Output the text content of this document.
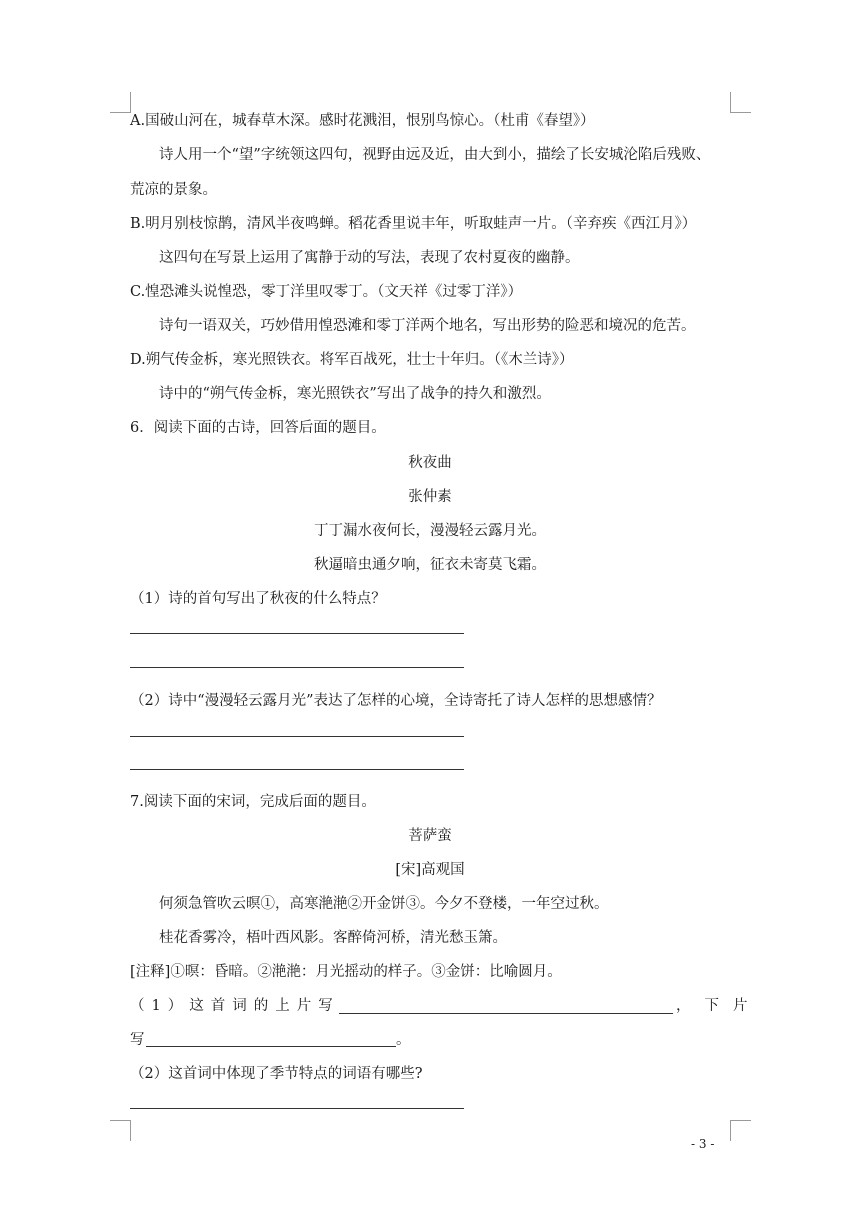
A.国破山河在，城春草木深。感时花溅泪，恨别鸟惊心。（杜甫《春望》）
诗人用一个“望”字统领这四句，视野由远及近，由大到小，描绘了长安城沦陷后残败、
荒凉的景象。
B.明月别枝惊鹊，清风半夜鸣蝉。稻花香里说丰年，听取蛙声一片。（辛弃疾《西江月》）
这四句在写景上运用了寓静于动的写法，表现了农村夏夜的幽静。
C.惶恐滩头说惶恐，零丁洋里叹零丁。（文天祥《过零丁洋》）
诗句一语双关，巧妙借用惶恐滩和零丁洋两个地名，写出形势的险恶和境况的危苦。
D.朔气传金柝，寒光照铁衣。将军百战死，壮士十年归。（《木兰诗》）
诗中的“朔气传金柝，寒光照铁衣”写出了战争的持久和激烈。
6．阅读下面的古诗，回答后面的题目。
秋夜曲
张仲素
丁丁漏水夜何长，漫漫轻云露月光。
秋逼暗虫通夕响，征衣未寄莫飞霜。
（1）诗的首句写出了秋夜的什么特点？
（2）诗中“漫漫轻云露月光”表达了怎样的心境，全诗寄托了诗人怎样的思想感情？
7.阅读下面的宋词，完成后面的题目。
菩萨蛮
[宋]高观国
何须急管吹云暝①，高寒滟滟②开金饼③。今夕不登楼，一年空过秋。
桂花香雾冷，梧叶西风影。客醉倚河桥，清光愁玉箫。
[注释]①暝：昏暗。②滟滟：月光摇动的样子。③金饼：比喻圆月。
（1）这首词的上片写	，下片
写	。
（2）这首词中体现了季节特点的词语有哪些?
- 3 -
